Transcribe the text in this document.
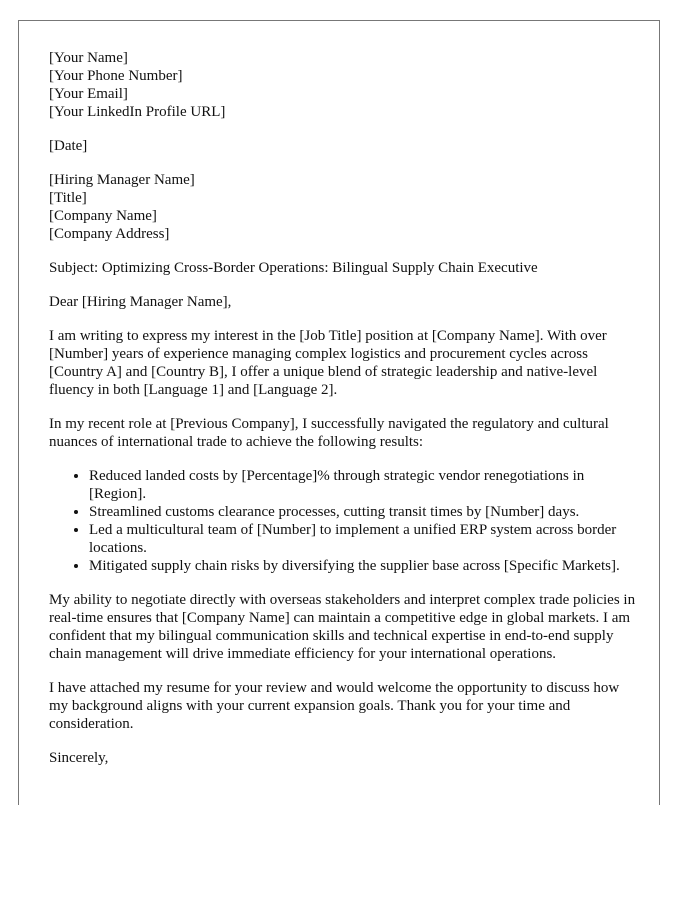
[Your Name]
[Your Phone Number]
[Your Email]
[Your LinkedIn Profile URL]
[Date]
[Hiring Manager Name]
[Title]
[Company Name]
[Company Address]

Subject: Optimizing Cross-Border Operations: Bilingual Supply Chain Executive

Dear [Hiring Manager Name],

I am writing to express my interest in the [Job Title] position at [Company Name]. With over [Number] years of experience managing complex logistics and procurement cycles across [Country A] and [Country B], I offer a unique blend of strategic leadership and native-level fluency in both [Language 1] and [Language 2].

In my recent role at [Previous Company], I successfully navigated the regulatory and cultural nuances of international trade to achieve the following results:

• Reduced landed costs by [Percentage]% through strategic vendor renegotiations in [Region].
• Streamlined customs clearance processes, cutting transit times by [Number] days.
• Led a multicultural team of [Number] to implement a unified ERP system across border locations.
• Mitigated supply chain risks by diversifying the supplier base across [Specific Markets].

My ability to negotiate directly with overseas stakeholders and interpret complex trade policies in real-time ensures that [Company Name] can maintain a competitive edge in global markets. I am confident that my bilingual communication skills and technical expertise in end-to-end supply chain management will drive immediate efficiency for your international operations.

I have attached my resume for your review and would welcome the opportunity to discuss how my background aligns with your current expansion goals. Thank you for your time and consideration.

Sincerely,
